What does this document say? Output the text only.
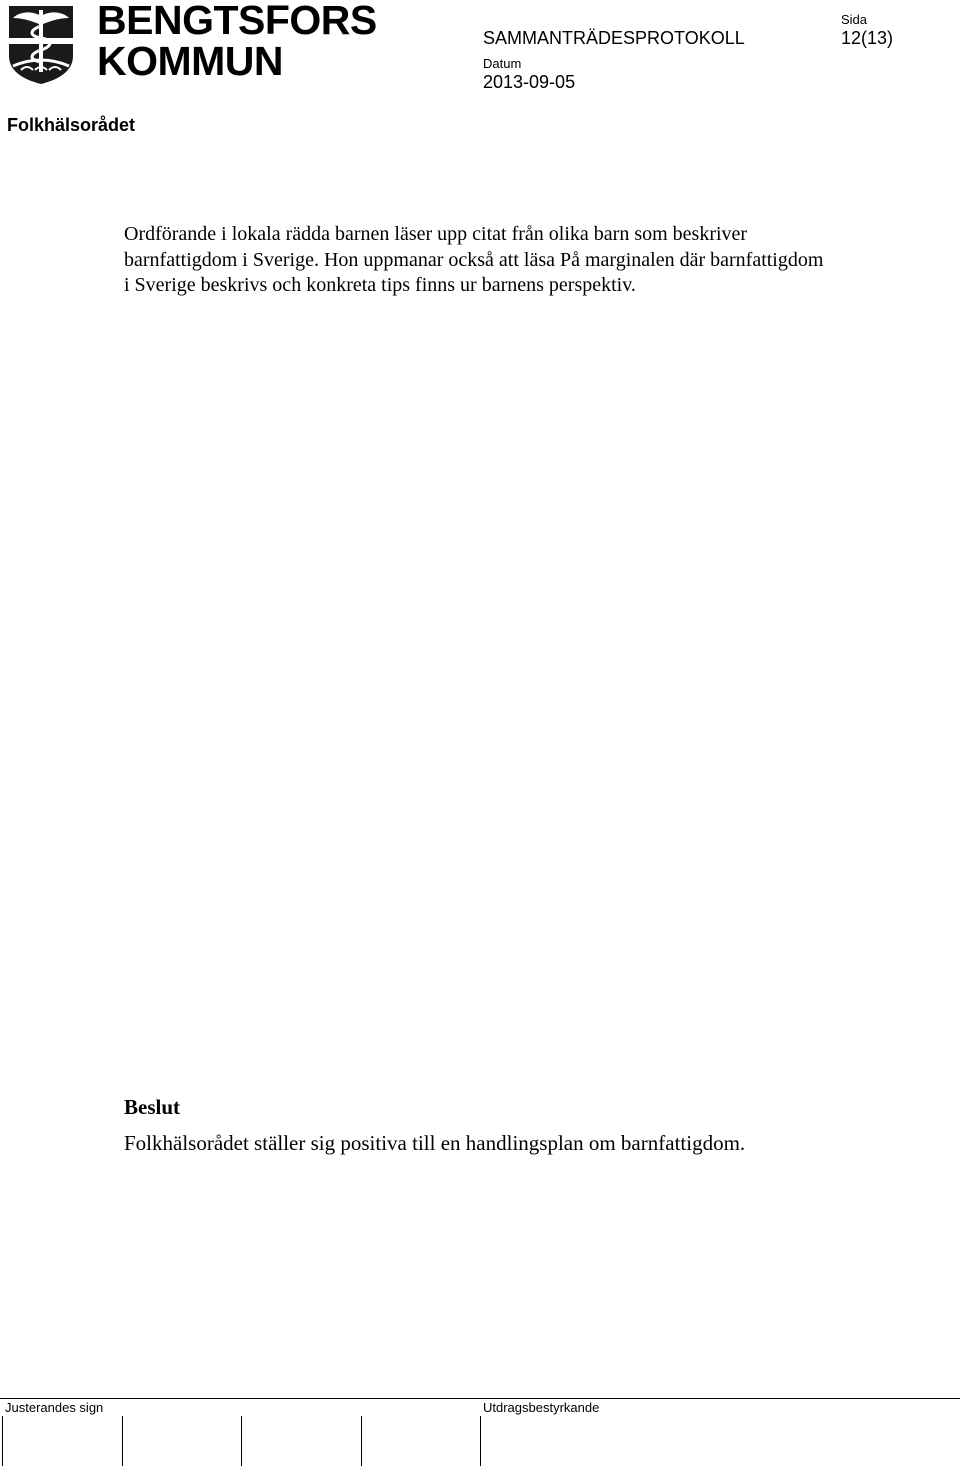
BENGTSFORS
KOMMUN	SAMMANTRÄDESPROTOKOLL
Datum
2013-09-05
Sida
12(13)
Folkhälsorådet
Ordförande i lokala rädda barnen läser upp citat från olika barn som beskriver barnfattigdom i Sverige. Hon uppmanar också att läsa På marginalen där barnfattigdom i Sverige beskrivs och konkreta tips finns ur barnens perspektiv.
Beslut
Folkhälsorådet ställer sig positiva till en handlingsplan om barnfattigdom.
Justerandes sign	Utdragsbestyrkande
